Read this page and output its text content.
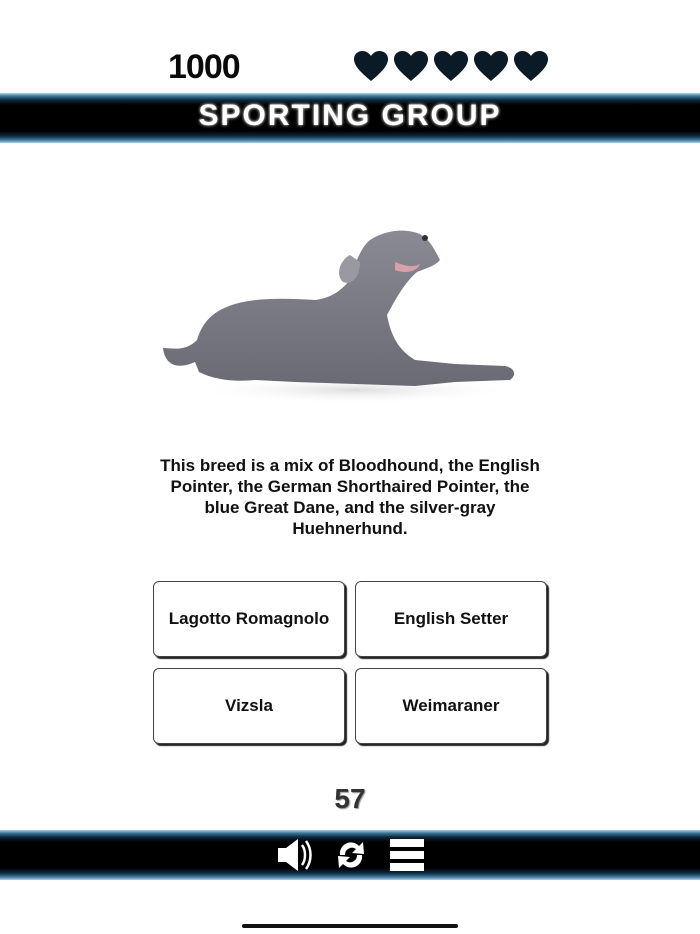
1000
SPORTING GROUP
This breed is a mix of Bloodhound, the English Pointer, the German Shorthaired Pointer, the blue Great Dane, and the silver-gray Huehnerhund.
Lagotto Romagnolo	English Setter
Vizsla	Weimaraner
57
